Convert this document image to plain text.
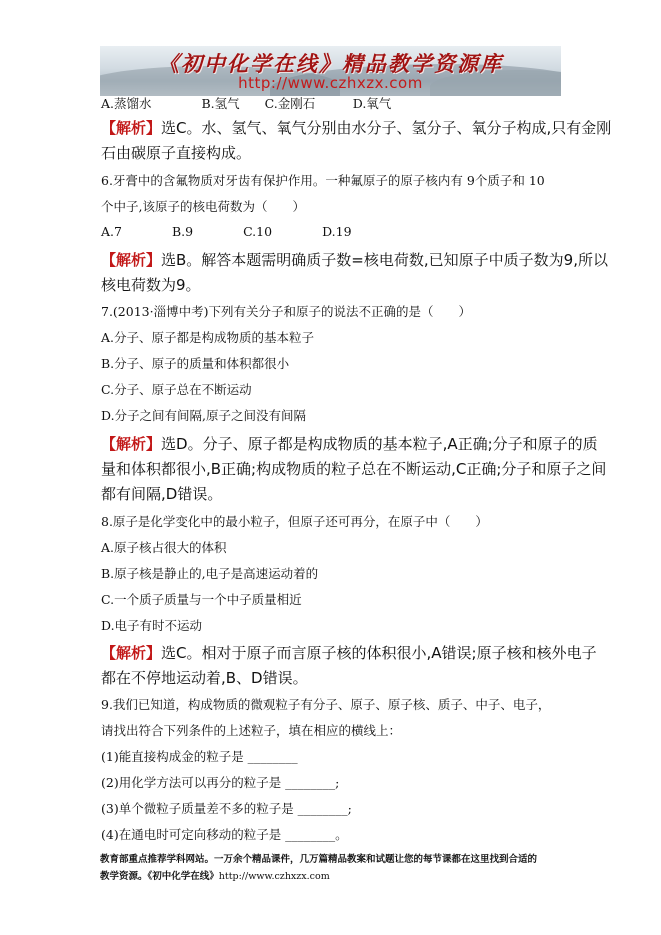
《初中化学在线》精品教学资源库
http://www.czhxzx.com
A.蒸馏水　　　　B.氢气　　C.金刚石　　　D.氧气
【解析】选C。水、氢气、氧气分别由水分子、氢分子、氧分子构成,只有金刚
石由碳原子直接构成。
6.牙膏中的含氟物质对牙齿有保护作用。一种氟原子的原子核内有 9个质子和 10
个中子,该原子的核电荷数为（　　）
A.7　　　　B.9　　　　C.10　　　　D.19
【解析】选B。解答本题需明确质子数=核电荷数,已知原子中质子数为9,所以
核电荷数为9。
7.(2013·淄博中考)下列有关分子和原子的说法不正确的是（　　）
A.分子、原子都是构成物质的基本粒子
B.分子、原子的质量和体积都很小
C.分子、原子总在不断运动
D.分子之间有间隔,原子之间没有间隔
【解析】选D。分子、原子都是构成物质的基本粒子,A正确;分子和原子的质
量和体积都很小,B正确;构成物质的粒子总在不断运动,C正确;分子和原子之间
都有间隔,D错误。
8.原子是化学变化中的最小粒子，但原子还可再分，在原子中（　　）
A.原子核占很大的体积
B.原子核是静止的,电子是高速运动着的
C.一个质子质量与一个中子质量相近
D.电子有时不运动
【解析】选C。相对于原子而言原子核的体积很小,A错误;原子核和核外电子
都在不停地运动着,B、D错误。
9.我们已知道，构成物质的微观粒子有分子、原子、原子核、质子、中子、电子，
请找出符合下列条件的上述粒子，填在相应的横线上：
(1)能直接构成金的粒子是 ________
(2)用化学方法可以再分的粒子是 ________;
(3)单个微粒子质量差不多的粒子是 ________;
(4)在通电时可定向移动的粒子是 ________。
教育部重点推荐学科网站。一万余个精品课件，几万篇精品教案和试题让您的每节课都在这里找到合适的
教学资源。《初中化学在线》http://www.czhxzx.com
